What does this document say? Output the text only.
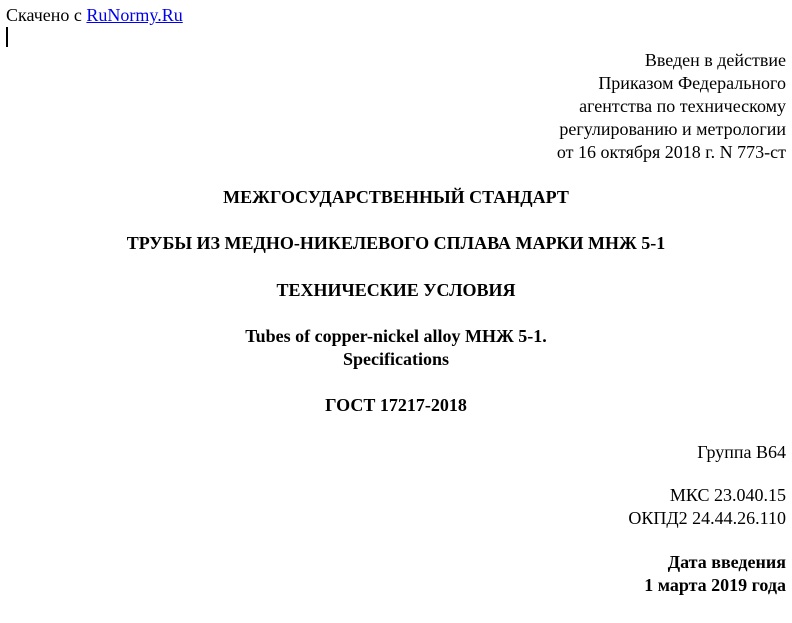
Скачено с RuNormy.Ru
Введен в действие
Приказом Федерального
агентства по техническому
регулированию и метрологии
от 16 октября 2018 г. N 773-ст
МЕЖГОСУДАРСТВЕННЫЙ СТАНДАРТ
ТРУБЫ ИЗ МЕДНО-НИКЕЛЕВОГО СПЛАВА МАРКИ МНЖ 5-1
ТЕХНИЧЕСКИЕ УСЛОВИЯ
Tubes of copper-nickel alloy МНЖ 5-1.
Specifications
ГОСТ 17217-2018
Группа В64
МКС 23.040.15
ОКПД2 24.44.26.110
Дата введения
1 марта 2019 года
